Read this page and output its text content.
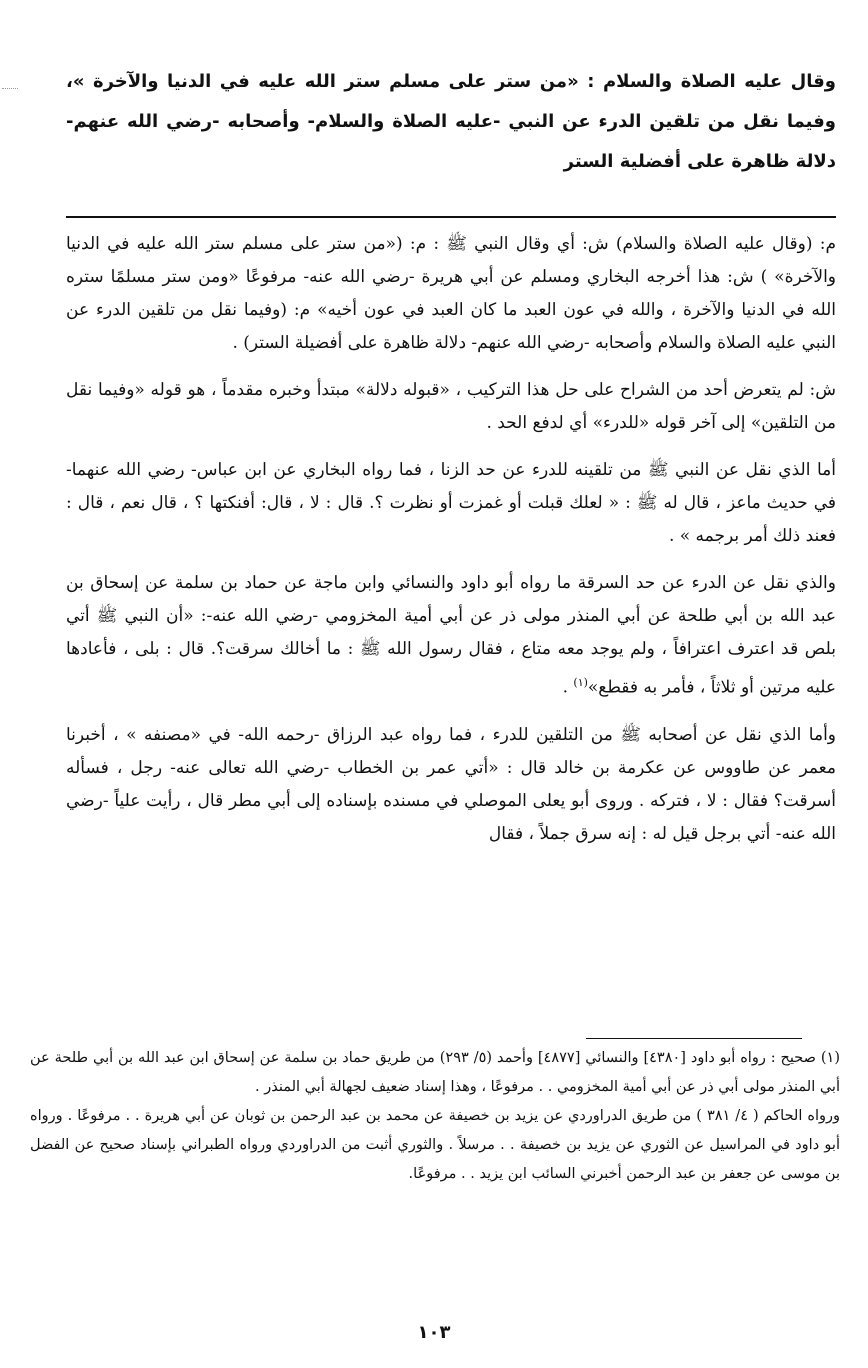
وقال عليه الصلاة والسلام : «من ستر على مسلم ستر الله عليه في الدنيا والآخرة »، وفيما نقل من تلقين الدرء عن النبي -عليه الصلاة والسلام- وأصحابه -رضي الله عنهم- دلالة ظاهرة على أفضلية الستر

م: (وقال عليه الصلاة والسلام) ش: أي وقال النبي ﷺ : م: («من ستر على مسلم ستر الله عليه في الدنيا والآخرة» ) ش: هذا أخرجه البخاري ومسلم عن أبي هريرة -رضي الله عنه- مرفوعًا «ومن ستر مسلمًا ستره الله في الدنيا والآخرة ، والله في عون العبد ما كان العبد في عون أخيه» م: (وفيما نقل من تلقين الدرء عن النبي عليه الصلاة والسلام وأصحابه -رضي الله عنهم- دلالة ظاهرة على أفضيلة الستر) .

ش: لم يتعرض أحد من الشراح على حل هذا التركيب ، «قبوله دلالة» مبتدأ وخبره مقدماً ، هو قوله «وفيما نقل من التلقين» إلى آخر قوله «للدرء» أي لدفع الحد .

أما الذي نقل عن النبي ﷺ من تلقينه للدرء عن حد الزنا ، فما رواه البخاري عن ابن عباس- رضي الله عنهما- في حديث ماعز ، قال له ﷺ : « لعلك قبلت أو غمزت أو نظرت ؟. قال : لا ، قال: أفنكتها ؟ ، قال نعم ، قال : فعند ذلك أمر برجمه » .

والذي نقل عن الدرء عن حد السرقة ما رواه أبو داود والنسائي وابن ماجة عن حماد بن سلمة عن إسحاق بن عبد الله بن أبي طلحة عن أبي المنذر مولى ذر عن أبي أمية المخزومي -رضي الله عنه-: «أن النبي ﷺ أتي بلص قد اعترف اعترافاً ، ولم يوجد معه متاع ، فقال رسول الله ﷺ : ما أخالك سرقت؟. قال : بلى ، فأعادها عليه مرتين أو ثلاثاً ، فأمر به فقطع»$^{(١)}$ .

وأما الذي نقل عن أصحابه ﷺ من التلقين للدرء ، فما رواه عبد الرزاق -رحمه الله- في «مصنفه » ، أخبرنا معمر عن طاووس عن عكرمة بن خالد قال : «أتي عمر بن الخطاب -رضي الله تعالى عنه- رجل ، فسأله أسرقت؟ فقال : لا ، فتركه . وروى أبو يعلى الموصلي في مسنده بإسناده إلى أبي مطر قال ، رأيت علياً -رضي الله عنه- أتي برجل قيل له : إنه سرق جملاً ، فقال

(١) صحيح : رواه أبو داود [٤٣٨٠] والنسائي [٤٨٧٧] وأحمد (٥/ ٢٩٣) من طريق حماد بن سلمة عن إسحاق ابن عبد الله بن أبي طلحة عن أبي المنذر مولى أبي ذر عن أبي أمية المخزومي . . مرفوعًا ، وهذا إسناد ضعيف لجهالة أبي المنذر .

ورواه الحاكم ( ٤/ ٣٨١ ) من طريق الدراوردي عن يزيد بن خصيفة عن محمد بن عبد الرحمن بن ثوبان عن أبي هريرة . . مرفوعًا . ورواه أبو داود في المراسيل عن الثوري عن يزيد بن خصيفة . . مرسلاً . والثوري أثبت من الدراوردي ورواه الطبراني بإسناد صحيح عن الفضل بن موسى عن جعفر بن عبد الرحمن أخبرني السائب ابن يزيد . . مرفوعًا.

١٠٣
